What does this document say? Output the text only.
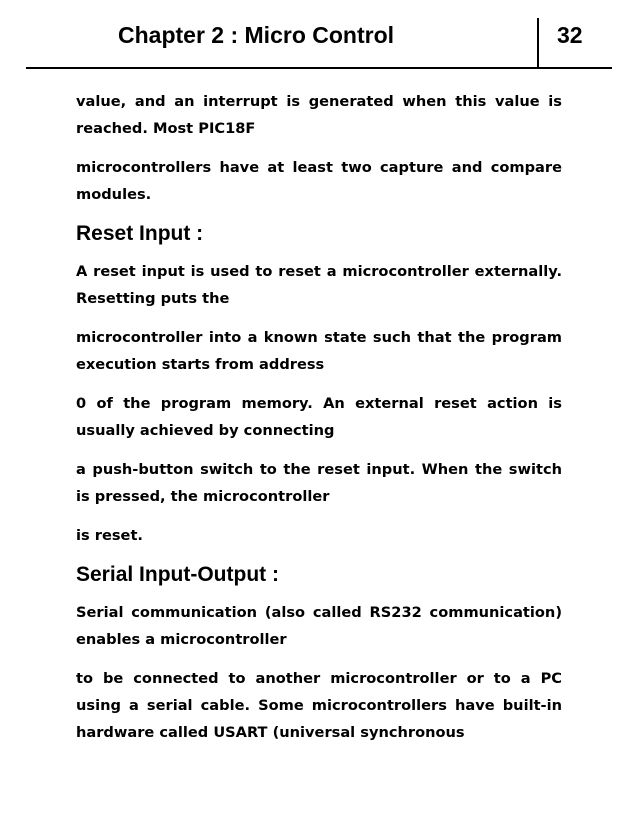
Chapter 2 : Micro Control	32

value, and an interrupt is generated when this value is reached. Most PIC18F

microcontrollers have at least two capture and compare modules.

Reset Input :

A reset input is used to reset a microcontroller externally. Resetting puts the

microcontroller into a known state such that the program execution starts from address

0 of the program memory. An external reset action is usually achieved by connecting

a push-button switch to the reset input. When the switch is pressed, the microcontroller

is reset.

Serial Input-Output :

Serial communication (also called RS232 communication) enables a microcontroller

to be connected to another microcontroller or to a PC using a serial cable. Some microcontrollers have built-in hardware called USART (universal synchronous
